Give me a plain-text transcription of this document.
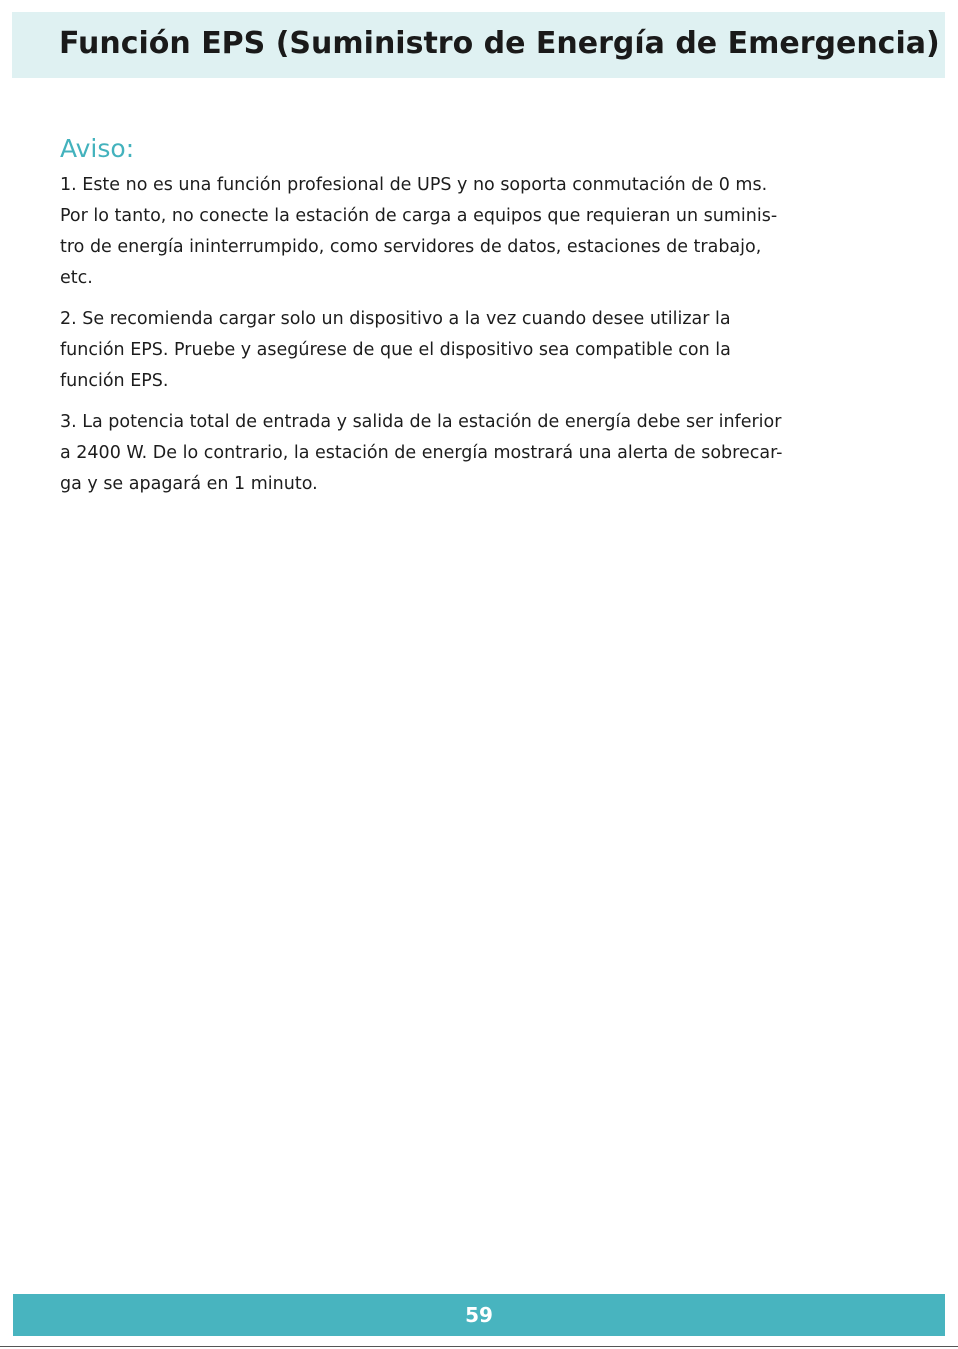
Función EPS (Suministro de Energía de Emergencia)
Aviso:

1. Este no es una función profesional de UPS y no soporta conmutación de 0 ms.
Por lo tanto, no conecte la estación de carga a equipos que requieran un suminis-
tro de energía ininterrumpido, como servidores de datos, estaciones de trabajo,
etc.

2. Se recomienda cargar solo un dispositivo a la vez cuando desee utilizar la
función EPS. Pruebe y asegúrese de que el dispositivo sea compatible con la
función EPS.

3. La potencia total de entrada y salida de la estación de energía debe ser inferior
a 2400 W. De lo contrario, la estación de energía mostrará una alerta de sobrecar-
ga y se apagará en 1 minuto.

59
